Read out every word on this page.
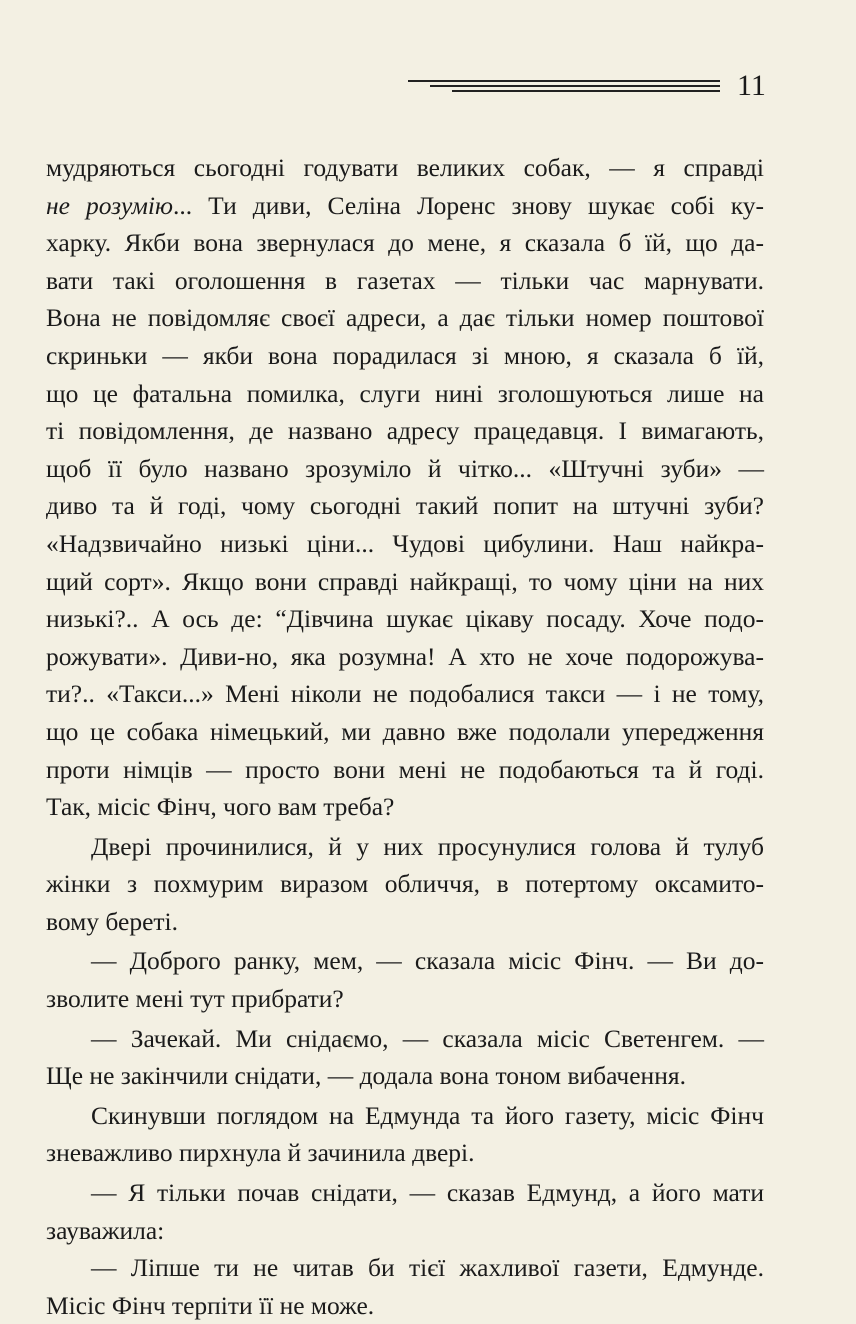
11
мудряються сьогодні годувати великих собак, — я справді
не розумію... Ти диви, Селіна Лоренс знову шукає собі ку-
харку. Якби вона звернулася до мене, я сказала б їй, що да-
вати такі оголошення в газетах — тільки час марнувати.
Вона не повідомляє своєї адреси, а дає тільки номер поштової
скриньки — якби вона порадилася зі мною, я сказала б їй,
що це фатальна помилка, слуги нині зголошуються лише на
ті повідомлення, де названо адресу працедавця. І вимагають,
щоб її було названо зрозуміло й чітко... «Штучні зуби» —
диво та й годі, чому сьогодні такий попит на штучні зуби?
«Надзвичайно низькі ціни... Чудові цибулини. Наш найкра-
щий сорт». Якщо вони справді найкращі, то чому ціни на них
низькі?.. А ось де: “Дівчина шукає цікаву посаду. Хоче подо-
рожувати». Диви-но, яка розумна! А хто не хоче подорожува-
ти?.. «Такси...» Мені ніколи не подобалися такси — і не тому,
що це собака німецький, ми давно вже подолали упередження
проти німців — просто вони мені не подобаються та й годі.
Так, місіс Фінч, чого вам треба?
Двері прочинилися, й у них просунулися голова й тулуб
жінки з похмурим виразом обличчя, в потертому оксамито-
вому береті.
— Доброго ранку, мем, — сказала місіс Фінч. — Ви до-
зволите мені тут прибрати?
— Зачекай. Ми снідаємо, — сказала місіс Светенгем. —
Ще не закінчили снідати, — додала вона тоном вибачення.
Скинувши поглядом на Едмунда та його газету, місіс Фінч
зневажливо пирхнула й зачинила двері.
— Я тільки почав снідати, — сказав Едмунд, а його мати
зауважила:
— Ліпше ти не читав би тієї жахливої газети, Едмунде.
Місіс Фінч терпіти її не може.
